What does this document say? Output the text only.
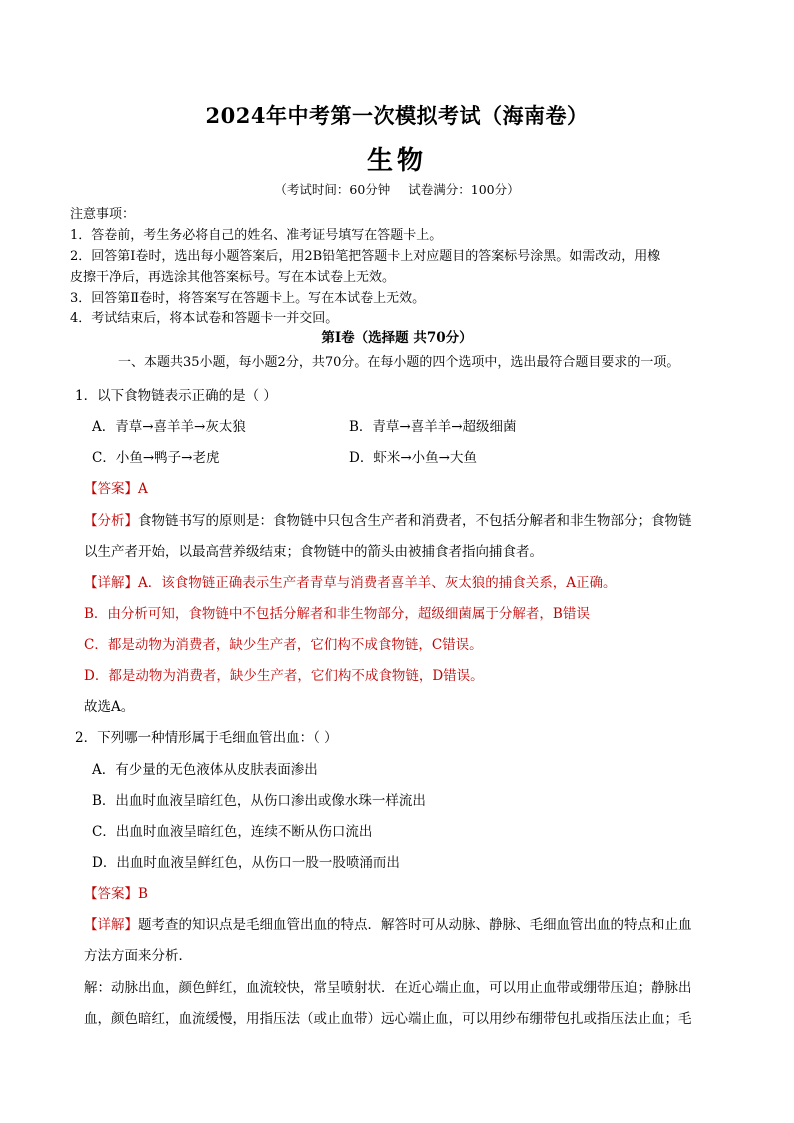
2024年中考第一次模拟考试（海南卷）
生物
（考试时间：60分钟 试卷满分：100分）
注意事项：
1．答卷前，考生务必将自己的姓名、准考证号填写在答题卡上。
2．回答第Ⅰ卷时，选出每小题答案后，用2B铅笔把答题卡上对应题目的答案标号涂黑。如需改动，用橡
皮擦干净后，再选涂其他答案标号。写在本试卷上无效。
3．回答第Ⅱ卷时，将答案写在答题卡上。写在本试卷上无效。
4．考试结束后，将本试卷和答题卡一并交回。
第Ⅰ卷（选择题 共70分）
一、本题共35小题，每小题2分，共70分。在每小题的四个选项中，选出最符合题目要求的一项。
1．以下食物链表示正确的是（ ）
A．青草→喜羊羊→灰太狼	B．青草→喜羊羊→超级细菌
C．小鱼→鸭子→老虎	D．虾米→小鱼→大鱼
【答案】A
【分析】食物链书写的原则是：食物链中只包含生产者和消费者，不包括分解者和非生物部分；食物链
以生产者开始，以最高营养级结束；食物链中的箭头由被捕食者指向捕食者。
【详解】A．该食物链正确表示生产者青草与消费者喜羊羊、灰太狼的捕食关系，A正确。
B．由分析可知，食物链中不包括分解者和非生物部分，超级细菌属于分解者，B错误
C．都是动物为消费者，缺少生产者，它们构不成食物链，C错误。
D．都是动物为消费者，缺少生产者，它们构不成食物链，D错误。
故选A。
2．下列哪一种情形属于毛细血管出血：（ ）
A．有少量的无色液体从皮肤表面渗出
B．出血时血液呈暗红色，从伤口渗出或像水珠一样流出
C．出血时血液呈暗红色，连续不断从伤口流出
D．出血时血液呈鲜红色，从伤口一股一股喷涌而出
【答案】B
【详解】题考查的知识点是毛细血管出血的特点．解答时可从动脉、静脉、毛细血管出血的特点和止血
方法方面来分析．
解：动脉出血，颜色鲜红，血流较快，常呈喷射状．在近心端止血，可以用止血带或绷带压迫；静脉出
血，颜色暗红，血流缓慢，用指压法（或止血带）远心端止血，可以用纱布绷带包扎或指压法止血；毛
